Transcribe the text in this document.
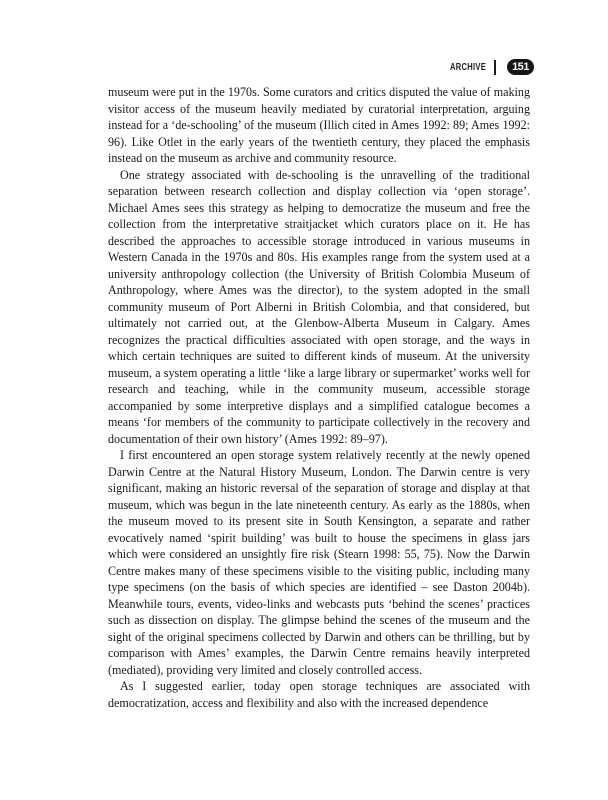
ARCHIVE	151

museum were put in the 1970s. Some curators and critics disputed the value of making visitor access of the museum heavily mediated by curatorial interpretation, arguing instead for a ‘de-schooling’ of the museum (Illich cited in Ames 1992: 89; Ames 1992: 96). Like Otlet in the early years of the twentieth century, they placed the emphasis instead on the museum as archive and community resource.

One strategy associated with de-schooling is the unravelling of the traditional separation between research collection and display collection via ‘open storage’. Michael Ames sees this strategy as helping to democratize the museum and free the collection from the interpretative straitjacket which curators place on it. He has described the approaches to accessible storage introduced in various museums in Western Canada in the 1970s and 80s. His examples range from the system used at a university anthropology collection (the University of British Colombia Museum of Anthropology, where Ames was the director), to the system adopted in the small community museum of Port Alberni in British Colombia, and that considered, but ultimately not carried out, at the Glenbow-Alberta Museum in Calgary. Ames recognizes the practical difficulties associated with open storage, and the ways in which certain techniques are suited to different kinds of museum. At the university museum, a system operating a little ‘like a large library or supermarket’ works well for research and teaching, while in the community museum, accessible storage accompanied by some interpretive displays and a simplified catalogue becomes a means ‘for members of the community to participate collectively in the recovery and documentation of their own history’ (Ames 1992: 89–97).

I first encountered an open storage system relatively recently at the newly opened Darwin Centre at the Natural History Museum, London. The Darwin centre is very significant, making an historic reversal of the separation of storage and display at that museum, which was begun in the late nineteenth century. As early as the 1880s, when the museum moved to its present site in South Kensington, a separate and rather evocatively named ‘spirit building’ was built to house the specimens in glass jars which were considered an unsightly fire risk (Stearn 1998: 55, 75). Now the Darwin Centre makes many of these specimens visible to the visiting public, including many type specimens (on the basis of which species are identified – see Daston 2004b). Meanwhile tours, events, video-links and webcasts puts ‘behind the scenes’ practices such as dissection on display. The glimpse behind the scenes of the museum and the sight of the original specimens collected by Darwin and others can be thrilling, but by comparison with Ames’ examples, the Darwin Centre remains heavily interpreted (mediated), providing very limited and closely controlled access.

As I suggested earlier, today open storage techniques are associated with democratization, access and flexibility and also with the increased dependence
